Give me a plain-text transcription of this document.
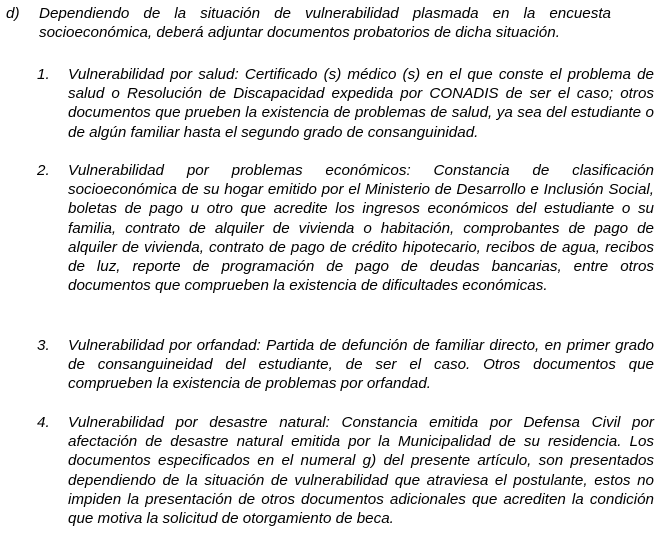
d) Dependiendo de la situación de vulnerabilidad plasmada en la encuesta socioeconómica, deberá adjuntar documentos probatorios de dicha situación.

1. Vulnerabilidad por salud: Certificado (s) médico (s) en el que conste el problema de salud o Resolución de Discapacidad expedida por CONADIS de ser el caso; otros documentos que prueben la existencia de problemas de salud, ya sea del estudiante o de algún familiar hasta el segundo grado de consanguinidad.

2. Vulnerabilidad por problemas económicos: Constancia de clasificación socioeconómica de su hogar emitido por el Ministerio de Desarrollo e Inclusión Social, boletas de pago u otro que acredite los ingresos económicos del estudiante o su familia, contrato de alquiler de vivienda o habitación, comprobantes de pago de alquiler de vivienda, contrato de pago de crédito hipotecario, recibos de agua, recibos de luz, reporte de programación de pago de deudas bancarias, entre otros documentos que comprueben la existencia de dificultades económicas.

3. Vulnerabilidad por orfandad: Partida de defunción de familiar directo, en primer grado de consanguineidad del estudiante, de ser el caso. Otros documentos que comprueben la existencia de problemas por orfandad.

4. Vulnerabilidad por desastre natural: Constancia emitida por Defensa Civil por afectación de desastre natural emitida por la Municipalidad de su residencia. Los documentos especificados en el numeral g) del presente artículo, son presentados dependiendo de la situación de vulnerabilidad que atraviesa el postulante, estos no impiden la presentación de otros documentos adicionales que acrediten la condición que motiva la solicitud de otorgamiento de beca.
